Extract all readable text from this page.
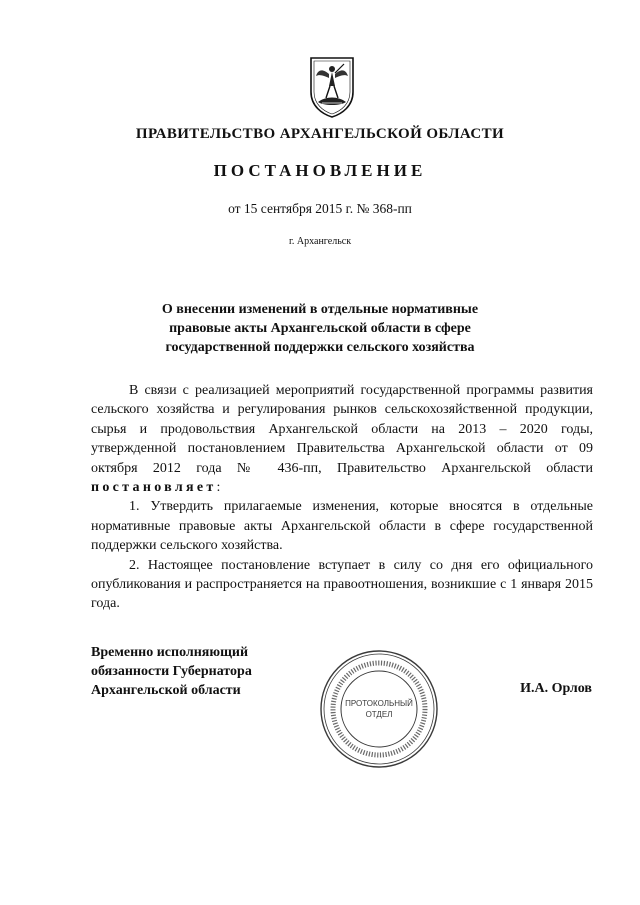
ПРАВИТЕЛЬСТВО АРХАНГЕЛЬСКОЙ ОБЛАСТИ
ПОСТАНОВЛЕНИЕ
от 15 сентября 2015 г. № 368-пп
г. Архангельск
О внесении изменений в отдельные нормативные
правовые акты Архангельской области в сфере
государственной поддержки сельского хозяйства

В связи с реализацией мероприятий государственной программы развития сельского хозяйства и регулирования рынков сельскохозяйственной продукции, сырья и продовольствия Архангельской области на 2013 – 2020 годы, утвержденной постановлением Правительства Архангельской области от 09 октября 2012 года № 436-пп, Правительство Архангельской области постановляет:

1. Утвердить прилагаемые изменения, которые вносятся в отдельные нормативные правовые акты Архангельской области в сфере государственной поддержки сельского хозяйства.

2. Настоящее постановление вступает в силу со дня его официального опубликования и распространяется на правоотношения, возникшие с 1 января 2015 года.

Временно исполняющий
обязанности Губернатора
Архангельской области
ПРОТОКОЛЬНЫЙ
ОТДЕЛ
И.А. Орлов
